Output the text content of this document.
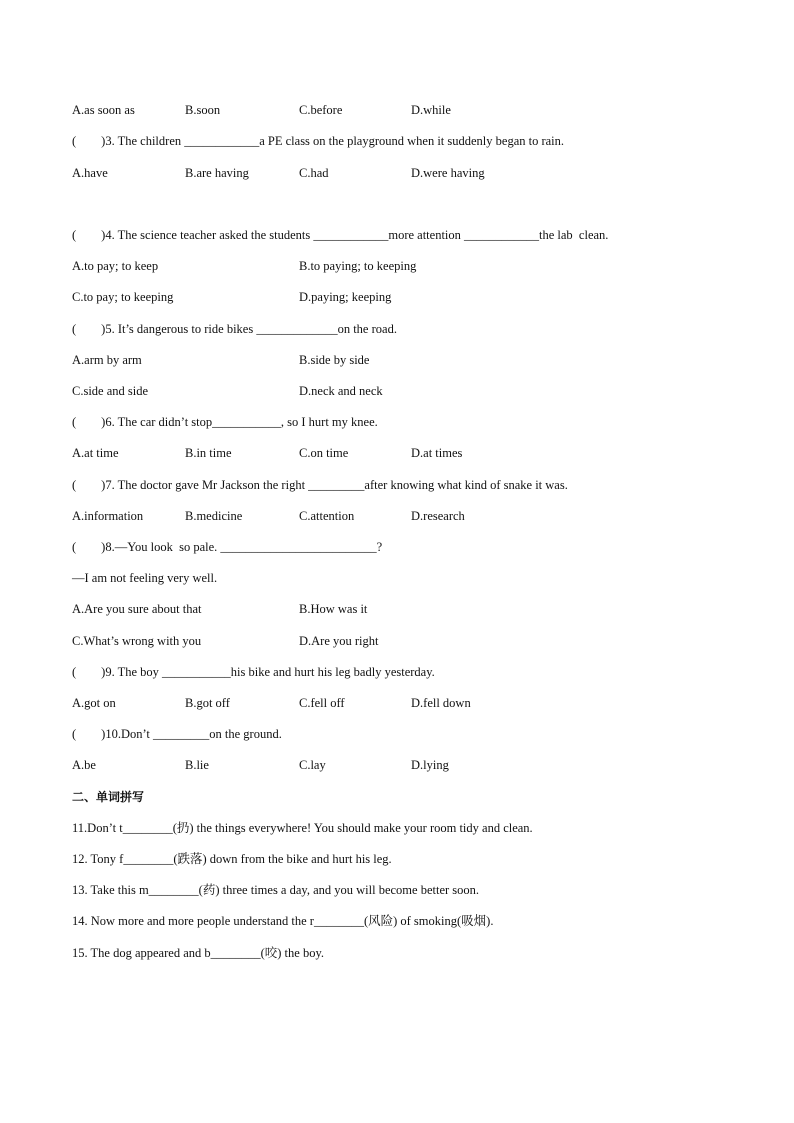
A.as soon as	B.soon	C.before	D.while
(        )3. The children ____________a PE class on the playground when it suddenly began to rain.
A.have	B.are having	C.had	D.were having
(        )4. The science teacher asked the students ____________more attention ____________the lab  clean.
A.to pay; to keep	B.to paying; to keeping
C.to pay; to keeping	D.paying; keeping
(        )5. It’s dangerous to ride bikes _____________on the road.
A.arm by arm	B.side by side
C.side and side	D.neck and neck
(        )6. The car didn’t stop___________, so I hurt my knee.
A.at time	B.in time	C.on time	D.at times
(        )7. The doctor gave Mr Jackson the right _________after knowing what kind of snake it was.
A.information	B.medicine	C.attention	D.research
(        )8.—You look  so pale. _________________________?
—I am not feeling very well.
A.Are you sure about that	B.How was it
C.What’s wrong with you	D.Are you right
(        )9. The boy ___________his bike and hurt his leg badly yesterday.
A.got on	B.got off	C.fell off	D.fell down
(        )10.Don’t _________on the ground.
A.be	B.lie	C.lay	D.lying
二、单词拼写
11.Don’t t________(扔) the things everywhere! You should make your room tidy and clean.
12. Tony f________(跌落) down from the bike and hurt his leg.
13. Take this m________(药) three times a day, and you will become better soon.
14. Now more and more people understand the r________(风险) of smoking(吸烟).
15. The dog appeared and b________(咬) the boy.
